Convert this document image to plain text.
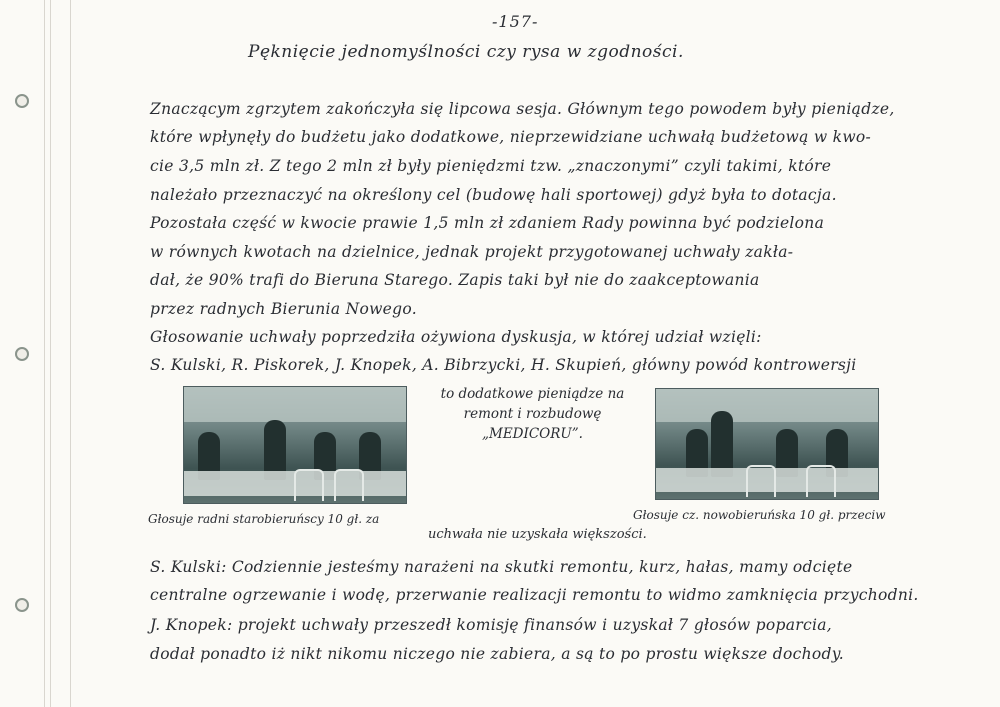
-157-
Pęknięcie jednomyślności czy rysa w zgodności.
Znaczącym zgrzytem zakończyła się lipcowa sesja. Głównym tego powodem były pieniądze,
które wpłynęły do budżetu jako dodatkowe, nieprzewidziane uchwałą budżetową w kwo-
cie 3,5 mln zł. Z tego 2 mln zł były pieniędzmi tzw. „znaczonymi” czyli takimi, które
należało przeznaczyć na określony cel (budowę hali sportowej) gdyż była to dotacja.
Pozostała część w kwocie prawie 1,5 mln zł zdaniem Rady powinna być podzielona
w równych kwotach na dzielnice, jednak projekt przygotowanej uchwały zakła-
dał, że 90% trafi do Bieruna Starego. Zapis taki był nie do zaakceptowania
przez radnych Bierunia Nowego.
Głosowanie uchwały poprzedziła ożywiona dyskusja, w której udział wzięli:
S. Kulski, R. Piskorek, J. Knopek, A. Bibrzycki, H. Skupień, główny powód kontrowersji
to dodatkowe pieniądze na
remont i rozbudowę
„MEDICORU”.
Głosuje radni starobieruńscy 10 gł. za	Głosuje cz. nowobieruńska 10 gł. przeciw
uchwała nie uzyskała większości.
S. Kulski: Codziennie jesteśmy narażeni na skutki remontu, kurz, hałas, mamy odcięte
centralne ogrzewanie i wodę, przerwanie realizacji remontu to widmo zamknięcia przychodni.
J. Knopek: projekt uchwały przeszedł komisję finansów i uzyskał 7 głosów poparcia,
dodał ponadto iż nikt nikomu niczego nie zabiera, a są to po prostu większe dochody.
